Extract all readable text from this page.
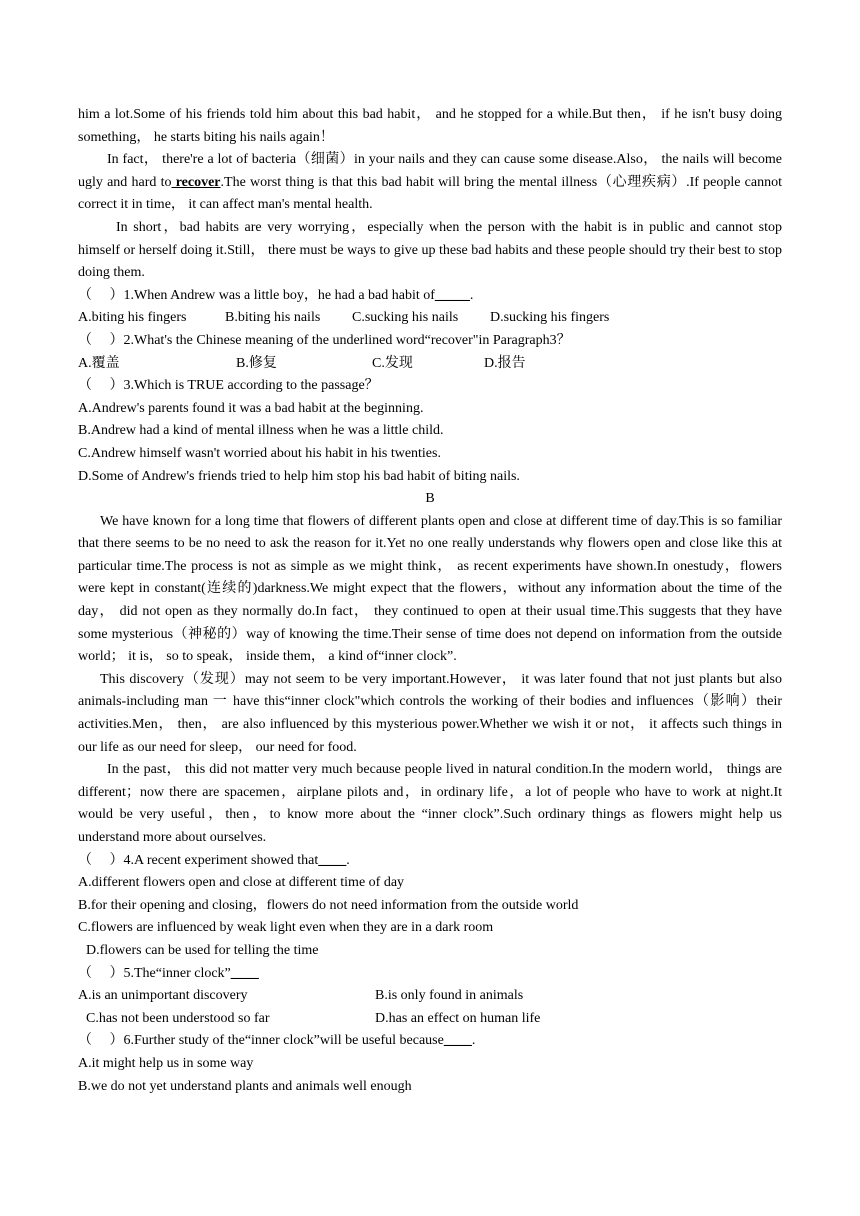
him a lot.Some of his friends told him about this bad habit， and he stopped for a while.But then， if he isn't busy doing something， he starts biting his nails again！

In fact， there're a lot of bacteria（细菌）in your nails and they can cause some disease.Also， the nails will become ugly and hard to recover.The worst thing is that this bad habit will bring the mental illness（心理疾病）.If people cannot correct it in time， it can affect man's mental health.

In short，bad habits are very worrying，especially when the person with the habit is in public and cannot stop himself or herself doing it.Still， there must be ways to give up these bad habits and these people should try their best to stop doing them.

（　 ）1.When Andrew was a little boy，he had a bad habit of_____.
A.biting his fingers	B.biting his nails	C.sucking his nails	D.sucking his fingers
（　 ）2.What's the Chinese meaning of the underlined word“recover"in Paragraph3？
A.覆盖	B.修复	C.发现	D.报告
（　 ）3.Which is TRUE according to the passage？
A.Andrew's parents found it was a bad habit at the beginning.
B.Andrew had a kind of mental illness when he was a little child.
C.Andrew himself wasn't worried about his habit in his twenties.
D.Some of Andrew's friends tried to help him stop his bad habit of biting nails.
B

We have known for a long time that flowers of different plants open and close at different time of day.This is so familiar that there seems to be no need to ask the reason for it.Yet no one really understands why flowers open and close like this at particular time.The process is not as simple as we might think， as recent experiments have shown.In onestudy，flowers were kept in constant(连续的)darkness.We might expect that the flowers，without any information about the time of the day， did not open as they normally do.In fact， they continued to open at their usual time.This suggests that they have some mysterious（神秘的）way of knowing the time.Their sense of time does not depend on information from the outside world； it is， so to speak， inside them， a kind of“inner clock”.

This discovery（发现）may not seem to be very important.However， it was later found that not just plants but also animals-including man 一 have this“inner clock"which controls the working of their bodies and influences（影响）their activities.Men， then， are also influenced by this mysterious power.Whether we wish it or not， it affects such things in our life as our need for sleep， our need for food.

In the past， this did not matter very much because people lived in natural condition.In the modern world， things are different；now there are spacemen，airplane pilots and，in ordinary life，a lot of people who have to work at night.It would be very useful，then，to know more about the “inner clock”.Such ordinary things as flowers might help us understand more about ourselves.

（　 ）4.A recent experiment showed that____.
A.different flowers open and close at different time of day
B.for their opening and closing，flowers do not need information from the outside world
C.flowers are influenced by weak light even when they are in a dark room
D.flowers can be used for telling the time
（　 ）5.The“inner clock”____
A.is an unimportant discovery	B.is only found in animals
C.has not been understood so far	D.has an effect on human life
（　 ）6.Further study of the“inner clock”will be useful because____.
A.it might help us in some way
B.we do not yet understand plants and animals well enough
